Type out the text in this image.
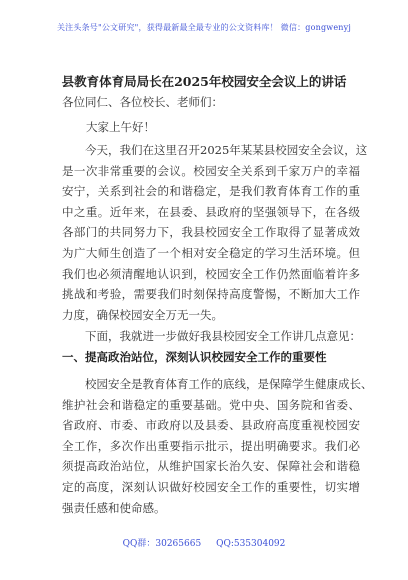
关注头条号"公文研究"，获得最新最全最专业的公文资料库！ 微信：gongwenyj
县教育体育局局长在2025年校园安全会议上的讲话
各位同仁、各位校长、老师们：
大家上午好！
今天，我们在这里召开2025年某某县校园安全会议，这
是一次非常重要的会议。校园安全关系到千家万户的幸福
安宁，关系到社会的和谐稳定，是我们教育体育工作的重
中之重。近年来，在县委、县政府的坚强领导下，在各级
各部门的共同努力下，我县校园安全工作取得了显著成效
为广大师生创造了一个相对安全稳定的学习生活环境。但
我们也必须清醒地认识到，校园安全工作仍然面临着许多
挑战和考验，需要我们时刻保持高度警惕，不断加大工作
力度，确保校园安全万无一失。
下面，我就进一步做好我县校园安全工作讲几点意见：
一、提高政治站位，深刻认识校园安全工作的重要性
校园安全是教育体育工作的底线，是保障学生健康成长、
维护社会和谐稳定的重要基础。党中央、国务院和省委、
省政府、市委、市政府以及县委、县政府高度重视校园安
全工作，多次作出重要指示批示，提出明确要求。我们必
须提高政治站位，从维护国家长治久安、保障社会和谐稳
定的高度，深刻认识做好校园安全工作的重要性，切实增
强责任感和使命感。
QQ群：30265665 QQ:535304092
